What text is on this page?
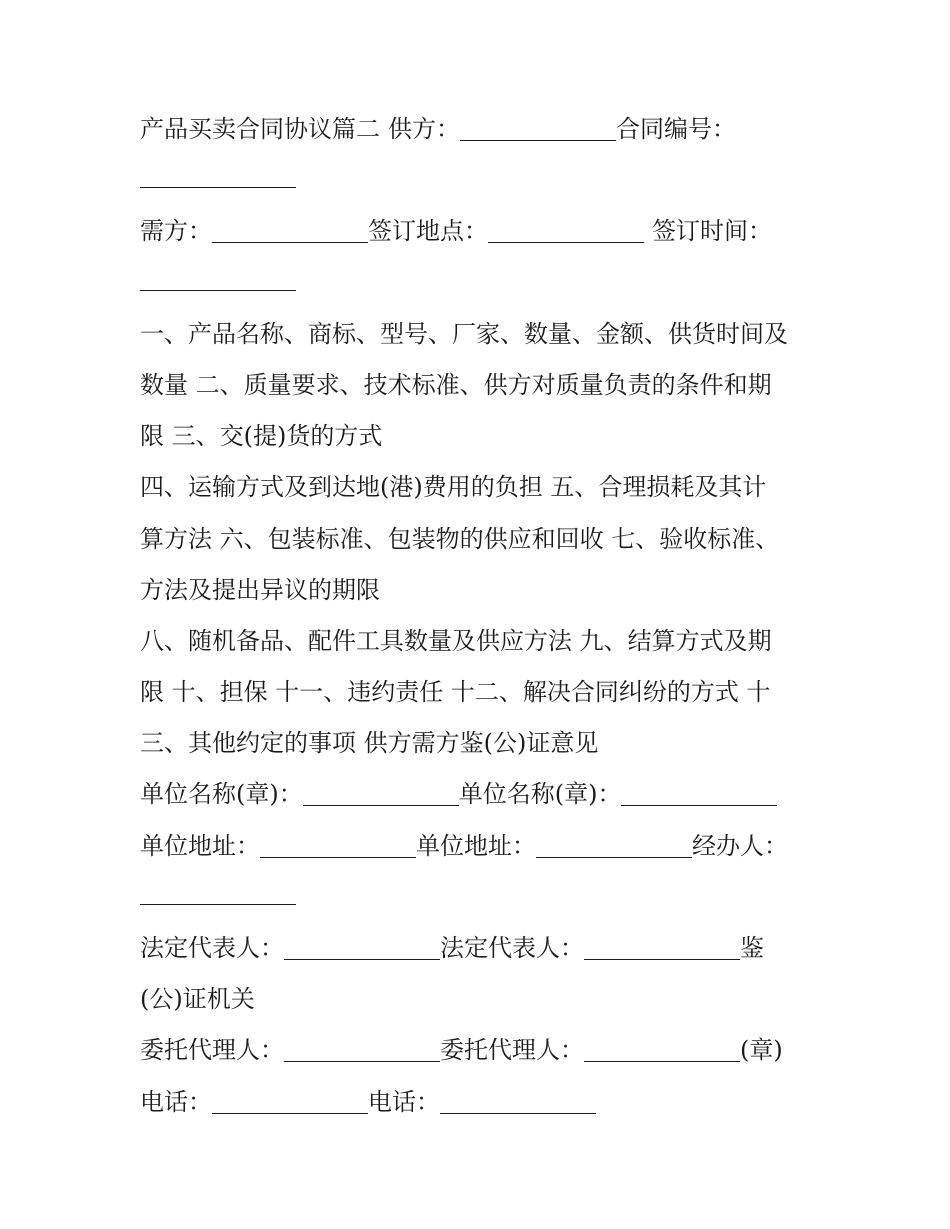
产品买卖合同协议篇二 供方：	合同编号：
需方：	签订地点：	签订时间：
一、产品名称、商标、型号、厂家、数量、金额、供货时间及
数量 二、质量要求、技术标准、供方对质量负责的条件和期
限 三、交(提)货的方式
四、运输方式及到达地(港)费用的负担 五、合理损耗及其计
算方法 六、包装标准、包装物的供应和回收 七、验收标准、
方法及提出异议的期限
八、随机备品、配件工具数量及供应方法 九、结算方式及期
限 十、担保 十一、违约责任 十二、解决合同纠纷的方式 十
三、其他约定的事项 供方需方鉴(公)证意见
单位名称(章)：	单位名称(章)：
单位地址：	单位地址：	经办人：
法定代表人：	法定代表人：	鉴
(公)证机关
委托代理人：	委托代理人：	(章)
电话：	电话：
